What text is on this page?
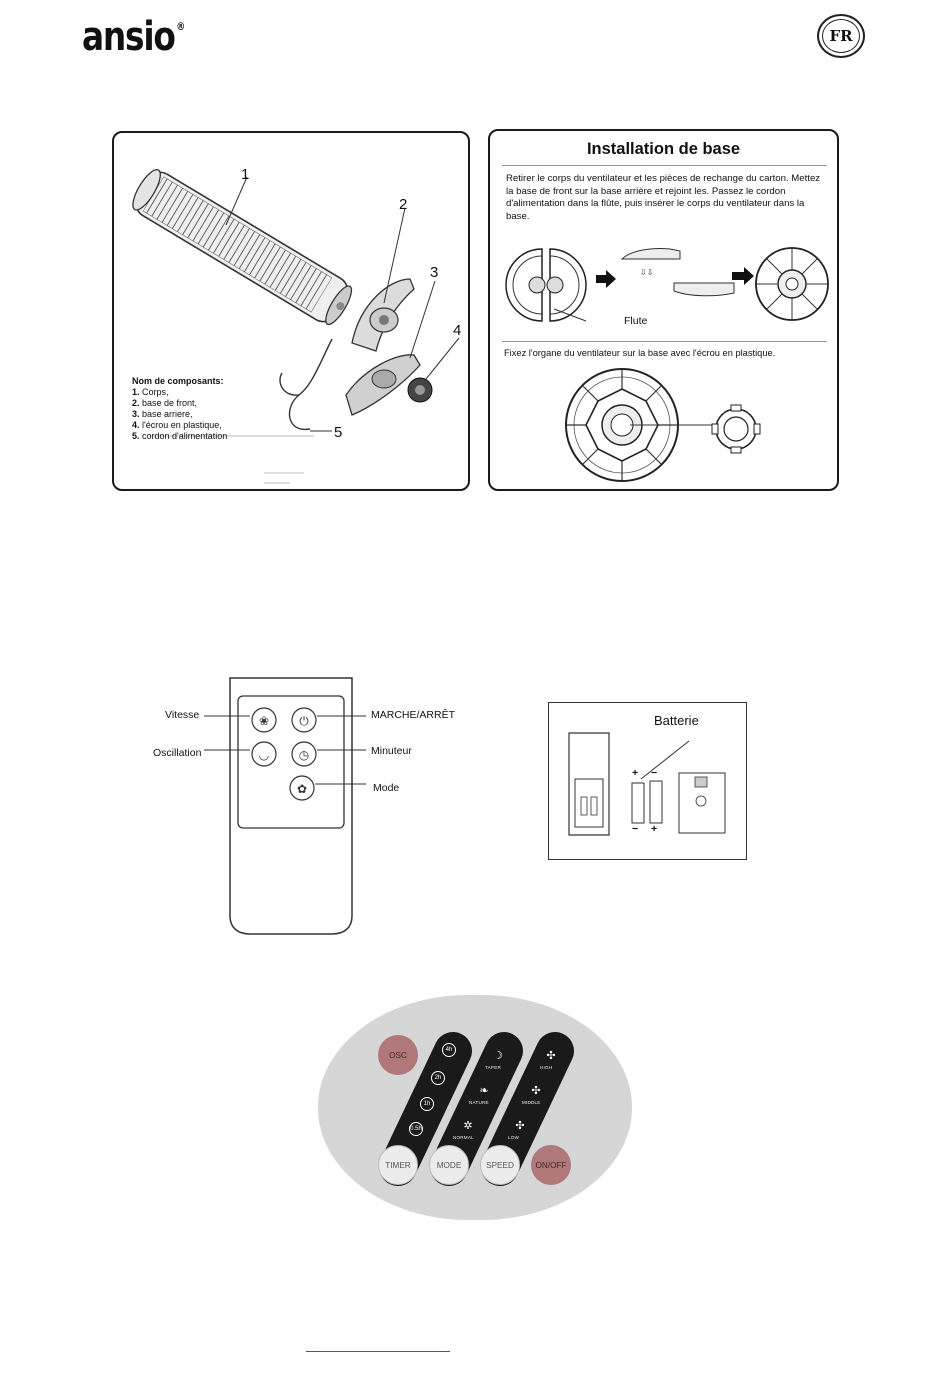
ansio ®
FR
1
2
3
4
5
Nom de composants:
1. Corps,
2. base de front,
3. base arriere,
4. l'écrou en plastique,
5. cordon d'alimentation
Installation de base
Retirer le corps du ventilateur et les pièces de rechange du carton. Mettez la base de front sur la base arrière et rejoint les. Passez le cordon d'alimentation dans la flûte, puis insérer le corps du ventilateur dans la base.
⇩⇩
Flute
Fixez l'organe du ventilateur sur la base avec l'écrou en plastique.
❀	⏻
◡ ◷
✿
Vitesse
Oscillation
MARCHE/ARRÊT
Minuteur
Mode
Batterie
+ −
− +
OSC
TIMER	MODE	SPEED	ON/OFF
4h
2h
1h
0.5h
TAPER
NATURE
NORMAL
HIGH
MIDDLE
LOW
☽
❧
✲
✣
✣
✣
